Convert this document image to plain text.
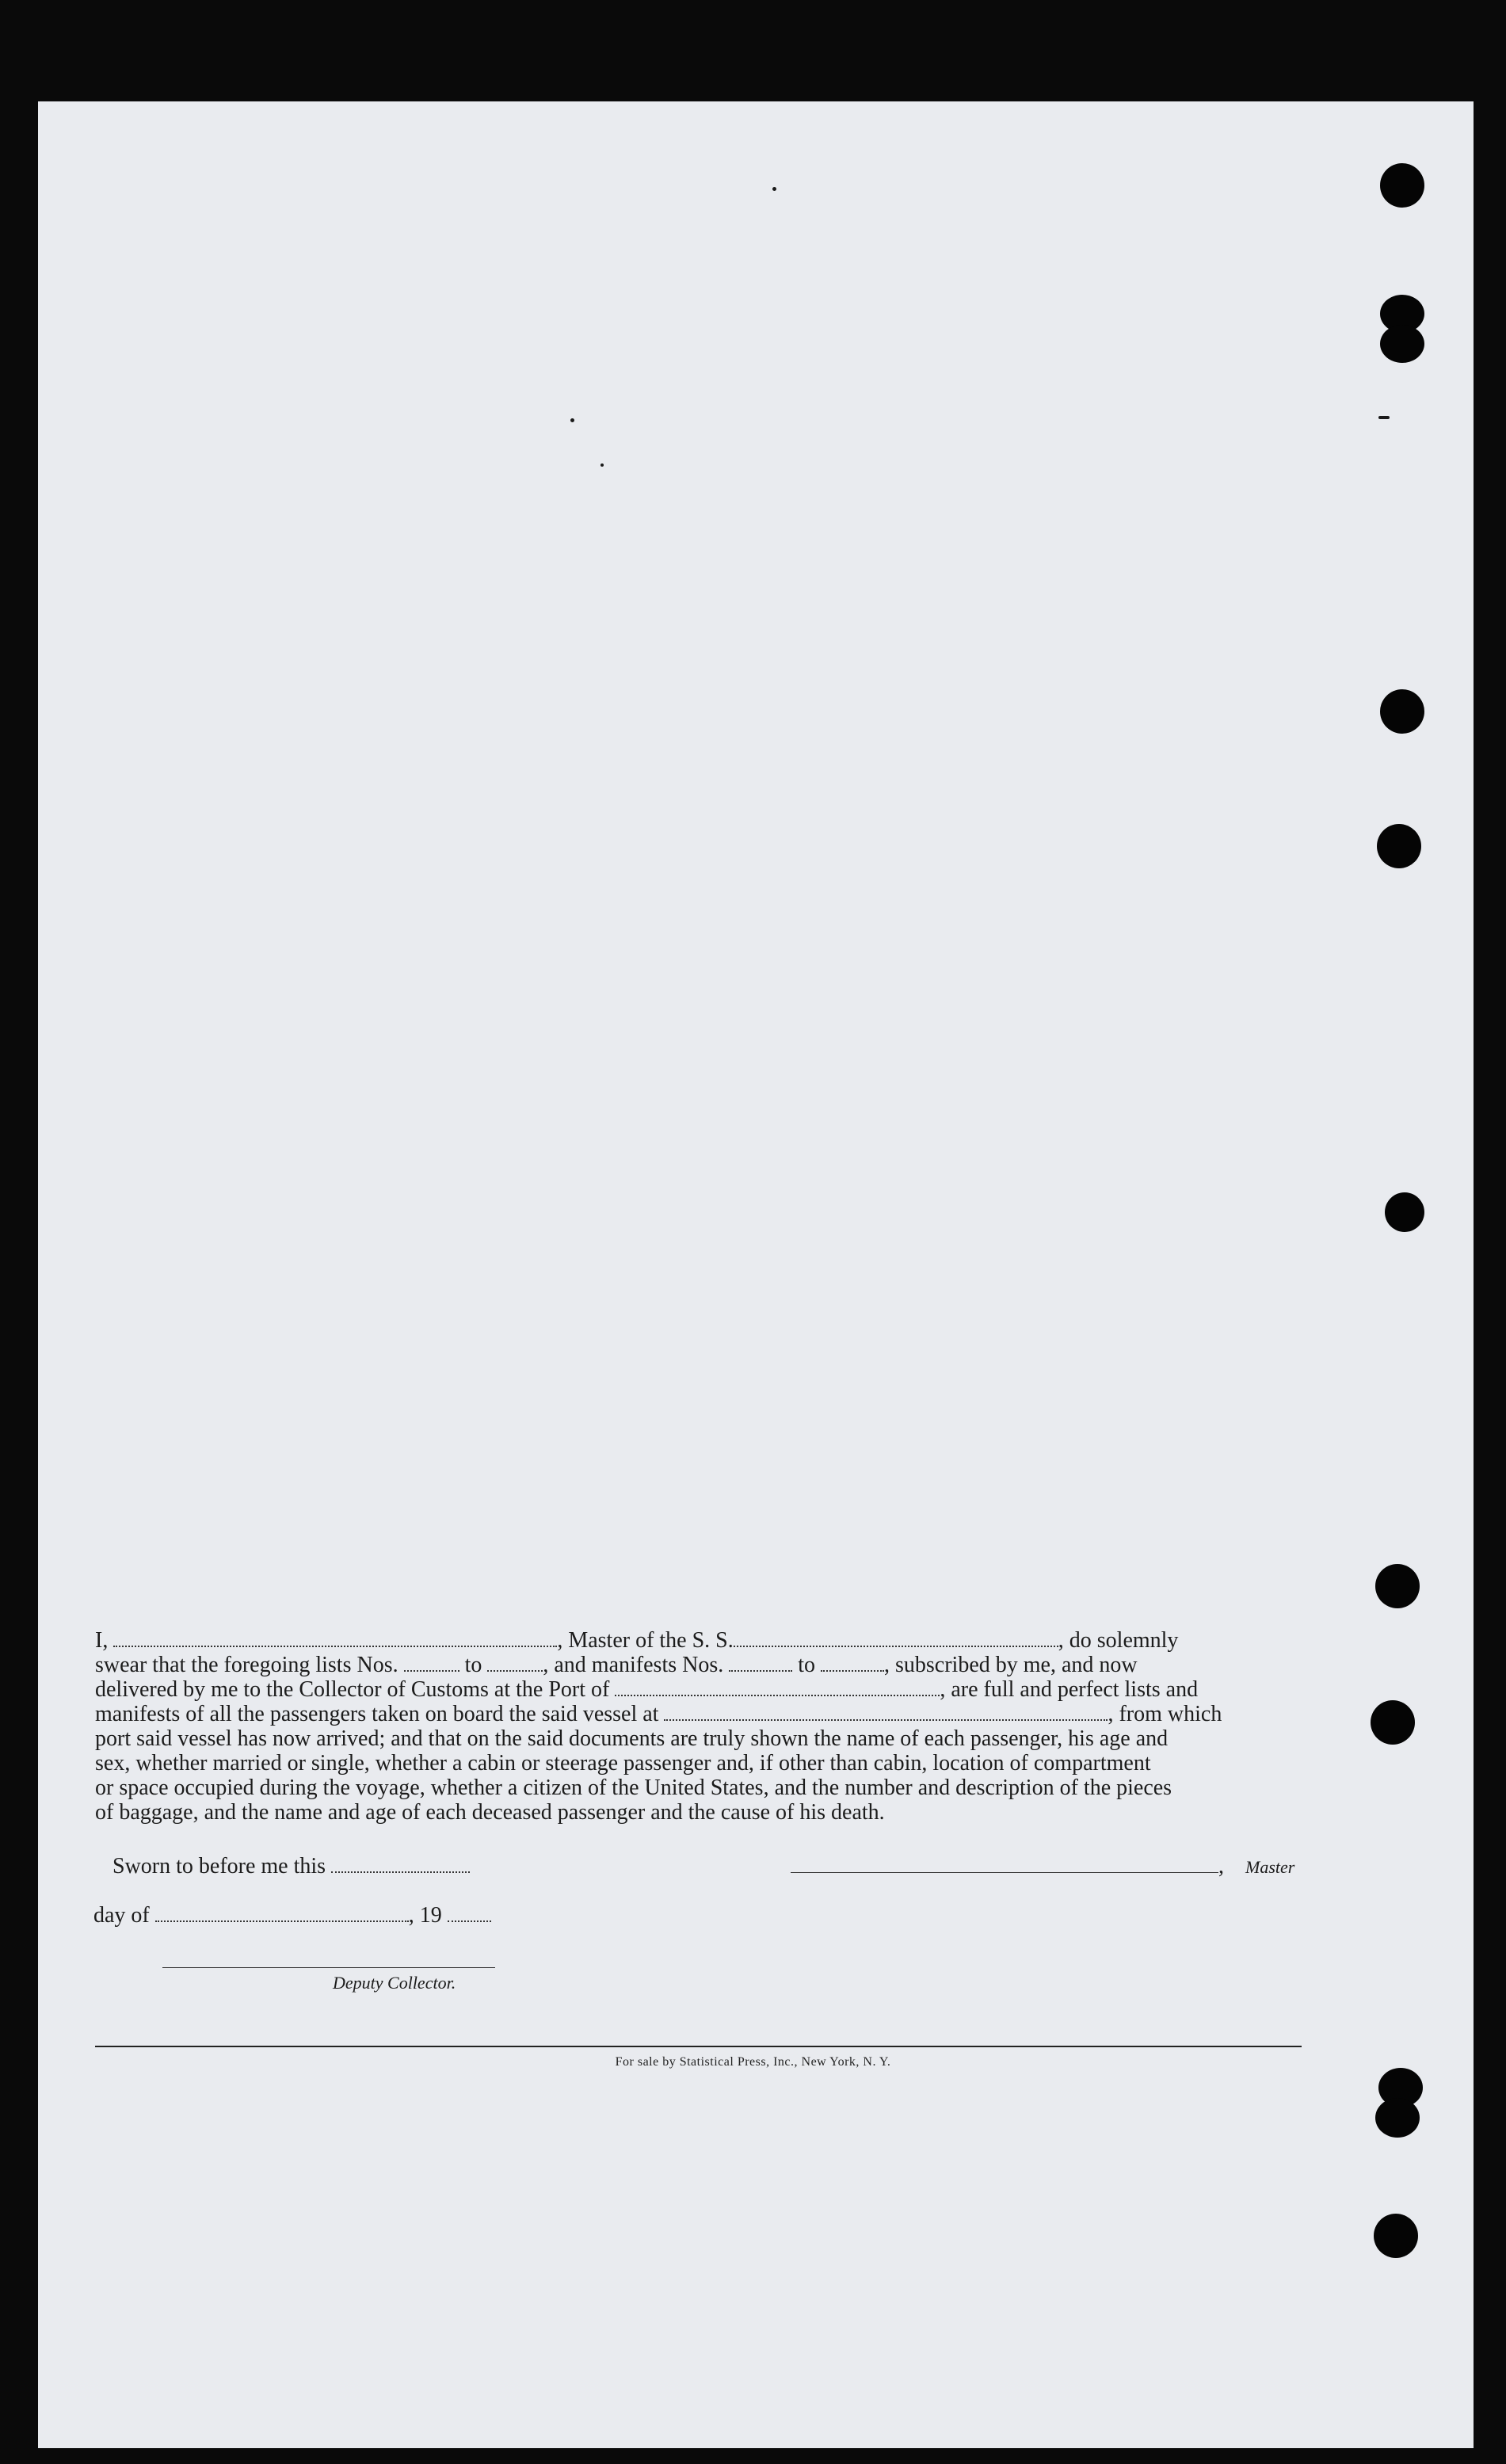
I,	, Master of the S. S.	, do solemnly

swear that the foregoing lists Nos.	to	, and manifests Nos.	to	, subscribed by me, and now

delivered by me to the Collector of Customs at the Port of	, are full and perfect lists and

manifests of all the passengers taken on board the said vessel at	, from which

port said vessel has now arrived; and that on the said documents are truly shown the name of each passenger, his age and

sex, whether married or single, whether a cabin or steerage passenger and, if other than cabin, location of compartment

or space occupied during the voyage, whether a citizen of the United States, and the number and description of the pieces

of baggage, and the name and age of each deceased passenger and the cause of his death.

Sworn to before me this	, Master
day of	, 19
Deputy Collector.
For sale by Statistical Press, Inc., New York, N. Y.
